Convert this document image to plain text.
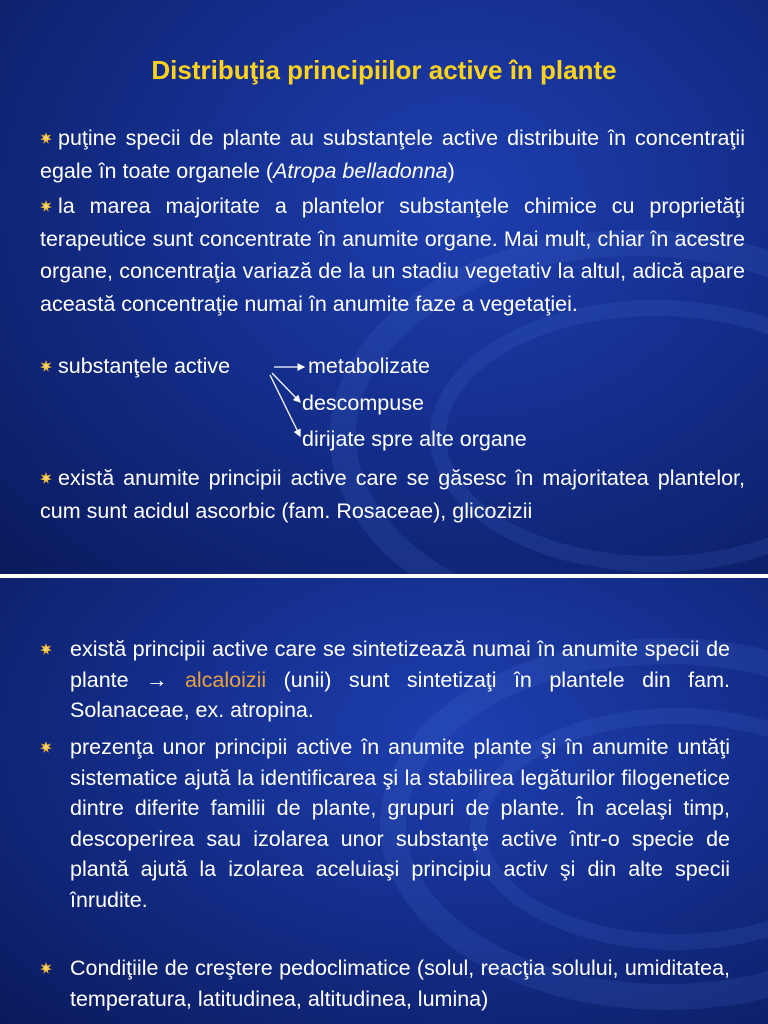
Distribuţia principiilor active în plante
puţine specii de plante au substanţele active distribuite în concentraţii egale în toate organele (Atropa belladonna)
la marea majoritate a plantelor substanţele chimice cu proprietăţi terapeutice sunt concentrate în anumite organe. Mai mult, chiar în acestre organe, concentraţia variază de la un stadiu vegetativ la altul, adică apare această concentraţie numai în anumite faze a vegetaţiei.
substanţele active	metabolizate
descompuse
dirijate spre alte organe
există anumite principii active care se găsesc în majoritatea plantelor, cum sunt acidul ascorbic (fam. Rosaceae), glicozizii
există principii active care se sintetizează numai în anumite specii de plante → alcaloizii (unii) sunt sintetizaţi în plantele din fam. Solanaceae, ex. atropina.
prezenţa unor principii active în anumite plante şi în anumite untăţi sistematice ajută la identificarea şi la stabilirea legăturilor filogenetice dintre diferite familii de plante, grupuri de plante. În acelaşi timp, descoperirea sau izolarea unor substanţe active într-o specie de plantă ajută la izolarea aceluiaşi principiu activ şi din alte specii înrudite.
Condiţiile de creştere pedoclimatice (solul, reacţia solului, umiditatea, temperatura, latitudinea, altitudinea, lumina)
